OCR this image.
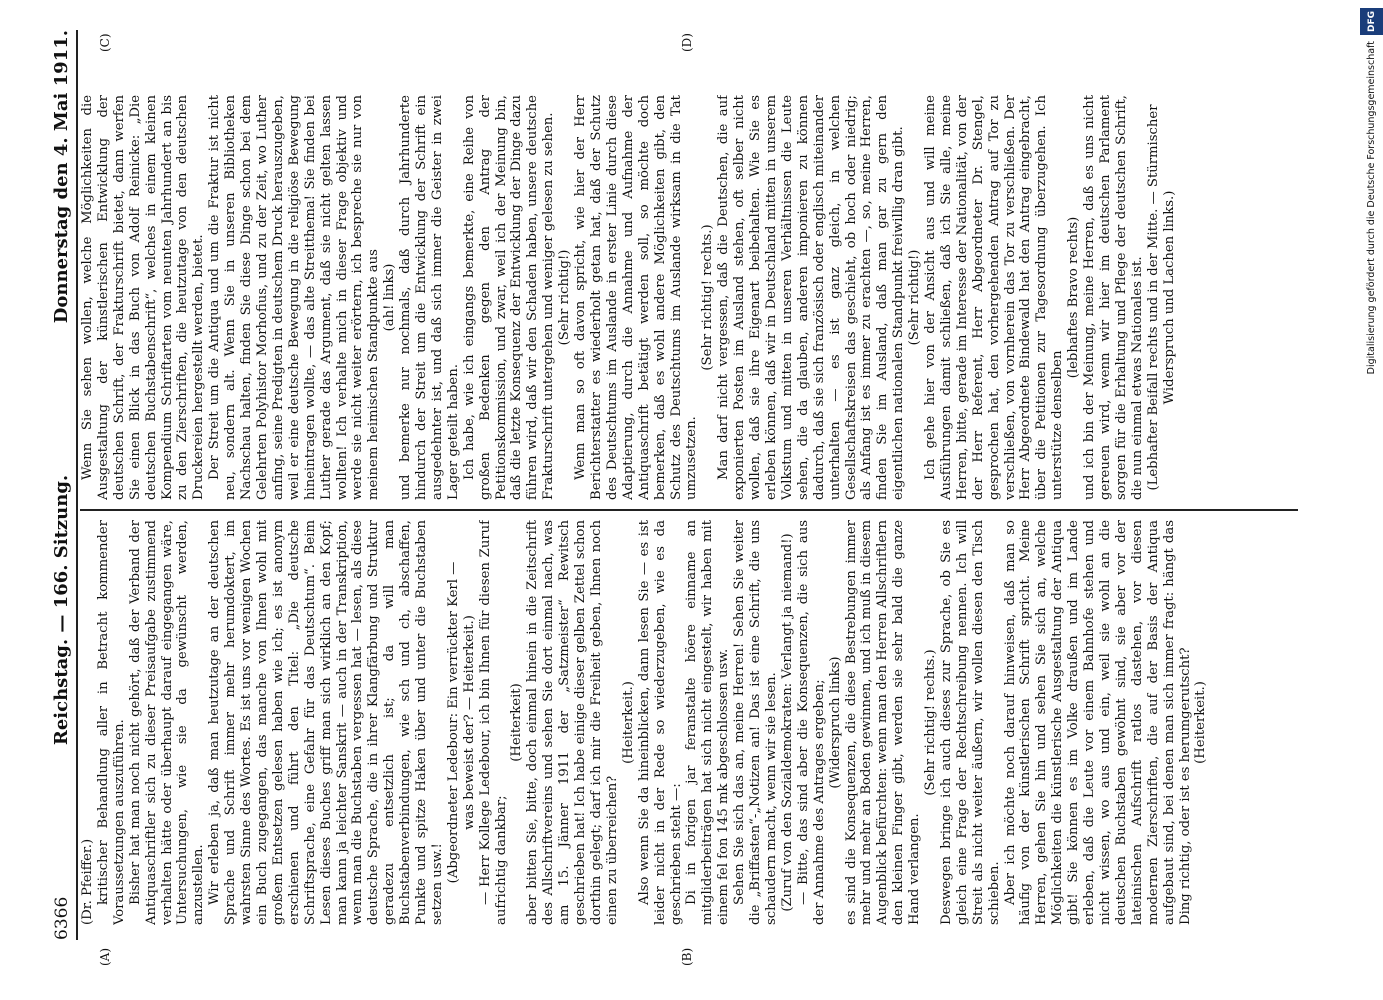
6366
Reichstag. — 166. Sitzung.
Donnerstag den 4. Mai 1911.
(A)	(B)
(C)	(D)

(Dr. Pfeiffer.) kritischer Behandlung aller in Betracht kommender Voraussetzungen auszuführen. Bisher hat man noch nicht gehört, daß der Verband der Antiquaschriftler sich zu dieser Preisaufgabe zustimmend verhalten hätte oder überhaupt darauf eingegangen wäre, Untersuchungen, wie sie da gewünscht werden, anzustellen. Wir erleben ja, daß man heutzutage an der deutschen Sprache und Schrift immer mehr herumdoktert, im wahrsten Sinne des Wortes. Es ist uns vor wenigen Wochen ein Buch zugegangen, das manche von Ihnen wohl mit großem Entsetzen gelesen haben wie ich; es ist anonym erschienen und führt den Titel: „Die deutsche Schriftsprache, eine Gefahr für das Deutschtum“. Beim Lesen dieses Buches griff man sich wirklich an den Kopf; man kann ja leichter Sanskrit — auch in der Transkription, wenn man die Buchstaben vergessen hat — lesen, als diese deutsche Sprache, die in ihrer Klangfärbung und Struktur geradezu entsetzlich ist; da will man Buchstabenverbindungen, wie sch und ch, abschaffen, Punkte und spitze Haken über und unter die Buchstaben setzen usw.!

(Abgeordneter Ledebour: Ein verrückter Kerl — was beweist der? — Heiterkeit.) — Herr Kollege Ledebour, ich bin Ihnen für diesen Zuruf aufrichtig dankbar;

(Heiterkeit) aber bitten Sie, bitte, doch einmal hinein in die Zeitschrift des Allschriftvereins und sehen Sie dort einmal nach, was am 15. Jänner 1911 der „Satzmeister“ Rewitsch geschrieben hat! Ich habe einige dieser gelben Zettel schon dorthin gelegt; darf ich mir die Freiheit geben, Ihnen noch einen zu überreichen?

(Heiterkeit.) Also wenn Sie da hineinblicken, dann lesen Sie — es ist leider nicht in der Rede so wiederzugeben, wie es da geschrieben steht —: Di in forigen jar feranstalte höere einname an mitgliderbeiträgen hat sich nicht eingestelt, wir haben mit einem fel fon 145 mk abgeschlossen usw. Sehen Sie sich das an, meine Herren! Sehen Sie weiter die „Briffasten“-„Notizen an! Das ist eine Schrift, die uns schaudern macht, wenn wir sie lesen. (Zuruf von den Sozialdemokraten: Verlangt ja niemand!) — Bitte, das sind aber die Konsequenzen, die sich aus der Annahme des Antrages ergeben; (Widerspruch links) es sind die Konsequenzen, die diese Bestrebungen immer mehr und mehr an Boden gewinnen, und ich muß in diesem Augenblick befürchten: wenn man den Herren Allschriftlern den kleinen Finger gibt, werden sie sehr bald die ganze Hand verlangen.

(Sehr richtig! rechts.) Deswegen bringe ich auch dieses zur Sprache, ob Sie es gleich eine Frage der Rechtschreibung nennen. Ich will Streit als nicht weiter äußern, wir wollen diesen den Tisch schieben. Aber ich möchte noch darauf hinweisen, daß man so häufig von der künstlerischen Schrift spricht. Meine Herren, gehen Sie hin und sehen Sie sich an, welche Möglichkeiten die künstlerische Ausgestaltung der Antiqua gibt! Sie können es im Volke draußen und im Lande erleben, daß die Leute vor einem Bahnhofe stehen und nicht wissen, wo aus und ein, weil sie wohl an die deutschen Buchstaben gewöhnt sind, sie aber vor der lateinischen Aufschrift ratlos dastehen, vor diesen modernen Zierschriften, die auf der Basis der Antiqua aufgebaut sind, bei denen man sich immer fragt: hängt das Ding richtig, oder ist es herumgerutscht? (Heiterkeit.)

Wenn Sie sehen wollen, welche Möglichkeiten die Ausgestaltung der künstlerischen Entwicklung der deutschen Schrift, der Frakturschrift bietet, dann werfen Sie einen Blick in das Buch von Adolf Reinicke: „Die deutschen Buchstabenschrift“, welches in einem kleinen Kompendium Schriftarten vom neunten Jahrhundert an bis zu den Zierschriften, die heutzutage von den deutschen Druckereien hergestellt werden, bietet. Der Streit um die Antiqua und um die Fraktur ist nicht neu, sondern alt. Wenn Sie in unseren Bibliotheken Nachschau halten, finden Sie diese Dinge schon bei dem Gelehrten Polyhistor Morhofius, und zu der Zeit, wo Luther anfing, seine Predigten in deutschem Druck herauszugeben, weil er eine deutsche Bewegung in die religiöse Bewegung hineintragen wollte, — das alte Streitthema! Sie finden bei Luther gerade das Argument, daß sie nicht gelten lassen wollten! Ich verhalte mich in dieser Frage objektiv und werde sie nicht weiter erörtern, ich bespreche sie nur von meinem heimischen Standpunkte aus (ah! links) und bemerke nur nochmals, daß durch Jahrhunderte hindurch der Streit um die Entwicklung der Schrift ein ausgedehnter ist, und daß sich immer die Geister in zwei Lager geteilt haben. Ich habe, wie ich eingangs bemerkte, eine Reihe von großen Bedenken gegen den Antrag der Petitionskommission, und zwar, weil ich der Meinung bin, daß die letzte Konsequenz der Entwicklung der Dinge dazu führen wird, daß wir den Schaden haben, unsere deutsche Frakturschrift untergehen und weniger gelesen zu sehen. (Sehr richtig!) Wenn man so oft davon spricht, wie hier der Herr Berichterstatter es wiederholt getan hat, daß der Schutz des Deutschtums im Auslande in erster Linie durch diese Adaptierung, durch die Annahme und Aufnahme der Antiquaschrift betätigt werden soll, so möchte doch bemerken, daß es wohl andere Möglichkeiten gibt, den Schutz des Deutschtums im Auslande wirksam in die Tat umzusetzen.

(Sehr richtig! rechts.) Man darf nicht vergessen, daß die Deutschen, die auf exponierten Posten im Ausland stehen, oft selber nicht wollen, daß sie ihre Eigenart beibehalten. Wie Sie es erleben können, daß wir in Deutschland mitten in unserem Volkstum und mitten in unseren Verhältnissen die Leute sehen, die da glauben, anderen imponieren zu können dadurch, daß sie sich französisch oder englisch miteinander unterhalten — es ist ganz gleich, in welchen Gesellschaftskreisen das geschieht, ob hoch oder niedrig; als Anfang ist es immer zu erachten —, so, meine Herren, finden Sie im Ausland, daß man gar zu gern den eigentlichen nationalen Standpunkt freiwillig dran gibt. (Sehr richtig!) Ich gehe hier von der Ansicht aus und will meine Ausführungen damit schließen, daß ich Sie alle, meine Herren, bitte, gerade im Interesse der Nationalität, von der der Herr Referent, Herr Abgeordneter Dr. Stengel, gesprochen hat, den vorhergehenden Antrag auf Tor zu verschließen, von vornherein das Tor zu verschließen. Der Herr Abgeordnete Bindewald hat den Antrag eingebracht, über die Petitionen zur Tagesordnung überzugehen. Ich unterstütze denselben

(lebhaftes Bravo rechts) und ich bin der Meinung, meine Herren, daß es uns nicht gereuen wird, wenn wir hier im deutschen Parlament sorgen für die Erhaltung und Pflege der deutschen Schrift, die nun einmal etwas Nationales ist. (Lebhafter Beifall rechts und in der Mitte. — Stürmischer Widerspruch und Lachen links.)	Digitalisierung gefördert durch die Deutsche Forschungsgemeinschaft
DFG
